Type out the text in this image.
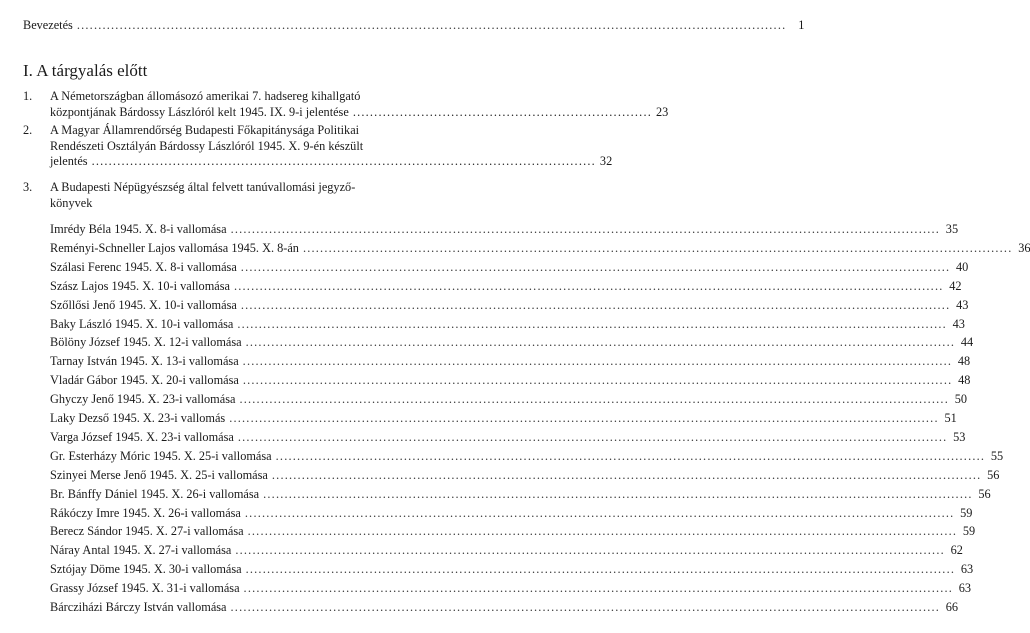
Bevezetés .....	1
I. A tárgyalás előtt
1.	A Németországban állomásozó amerikai 7. hadsereg kihallgató
központjának Bárdossy Lászlóról kelt 1945. IX. 9-i jelentése ...................................................................... 23
2.	A Magyar Államrendőrség Budapesti Főkapitánysága Politikai
Rendészeti Osztályán Bárdossy Lászlóról 1945. X. 9-én készült
jelentés ...................................................................................................................... 32
3.	A Budapesti Népügyészség által felvett tanúvallomási jegyző-
könyvek
Imrédy Béla 1945. X. 8-i vallomása .....	35
Reményi-Schneller Lajos vallomása 1945. X. 8-án .....	36
Szálasi Ferenc 1945. X. 8-i vallomása .....	40
Szász Lajos 1945. X. 10-i vallomása .....	42
Szőllősi Jenő 1945. X. 10-i vallomása .....	43
Baky László 1945. X. 10-i vallomása .....	43
Bölöny József 1945. X. 12-i vallomása .....	44
Tarnay István 1945. X. 13-i vallomása .....	48
Vladár Gábor 1945. X. 20-i vallomása .....	48
Ghyczy Jenő 1945. X. 23-i vallomása .....	50
Laky Dezső 1945. X. 23-i vallomás .....	51
Varga József 1945. X. 23-i vallomása .....	53
Gr. Esterházy Móric 1945. X. 25-i vallomása .....	55
Szinyei Merse Jenő 1945. X. 25-i vallomása .....	56
Br. Bánffy Dániel 1945. X. 26-i vallomása .....	56
Rákóczy Imre 1945. X. 26-i vallomása .....	59
Berecz Sándor 1945. X. 27-i vallomása .....	59
Náray Antal 1945. X. 27-i vallomása .....	62
Sztójay Döme 1945. X. 30-i vallomása .....	63
Grassy József 1945. X. 31-i vallomása .....	63
Bárcziházi Bárczy István vallomása .....	66
